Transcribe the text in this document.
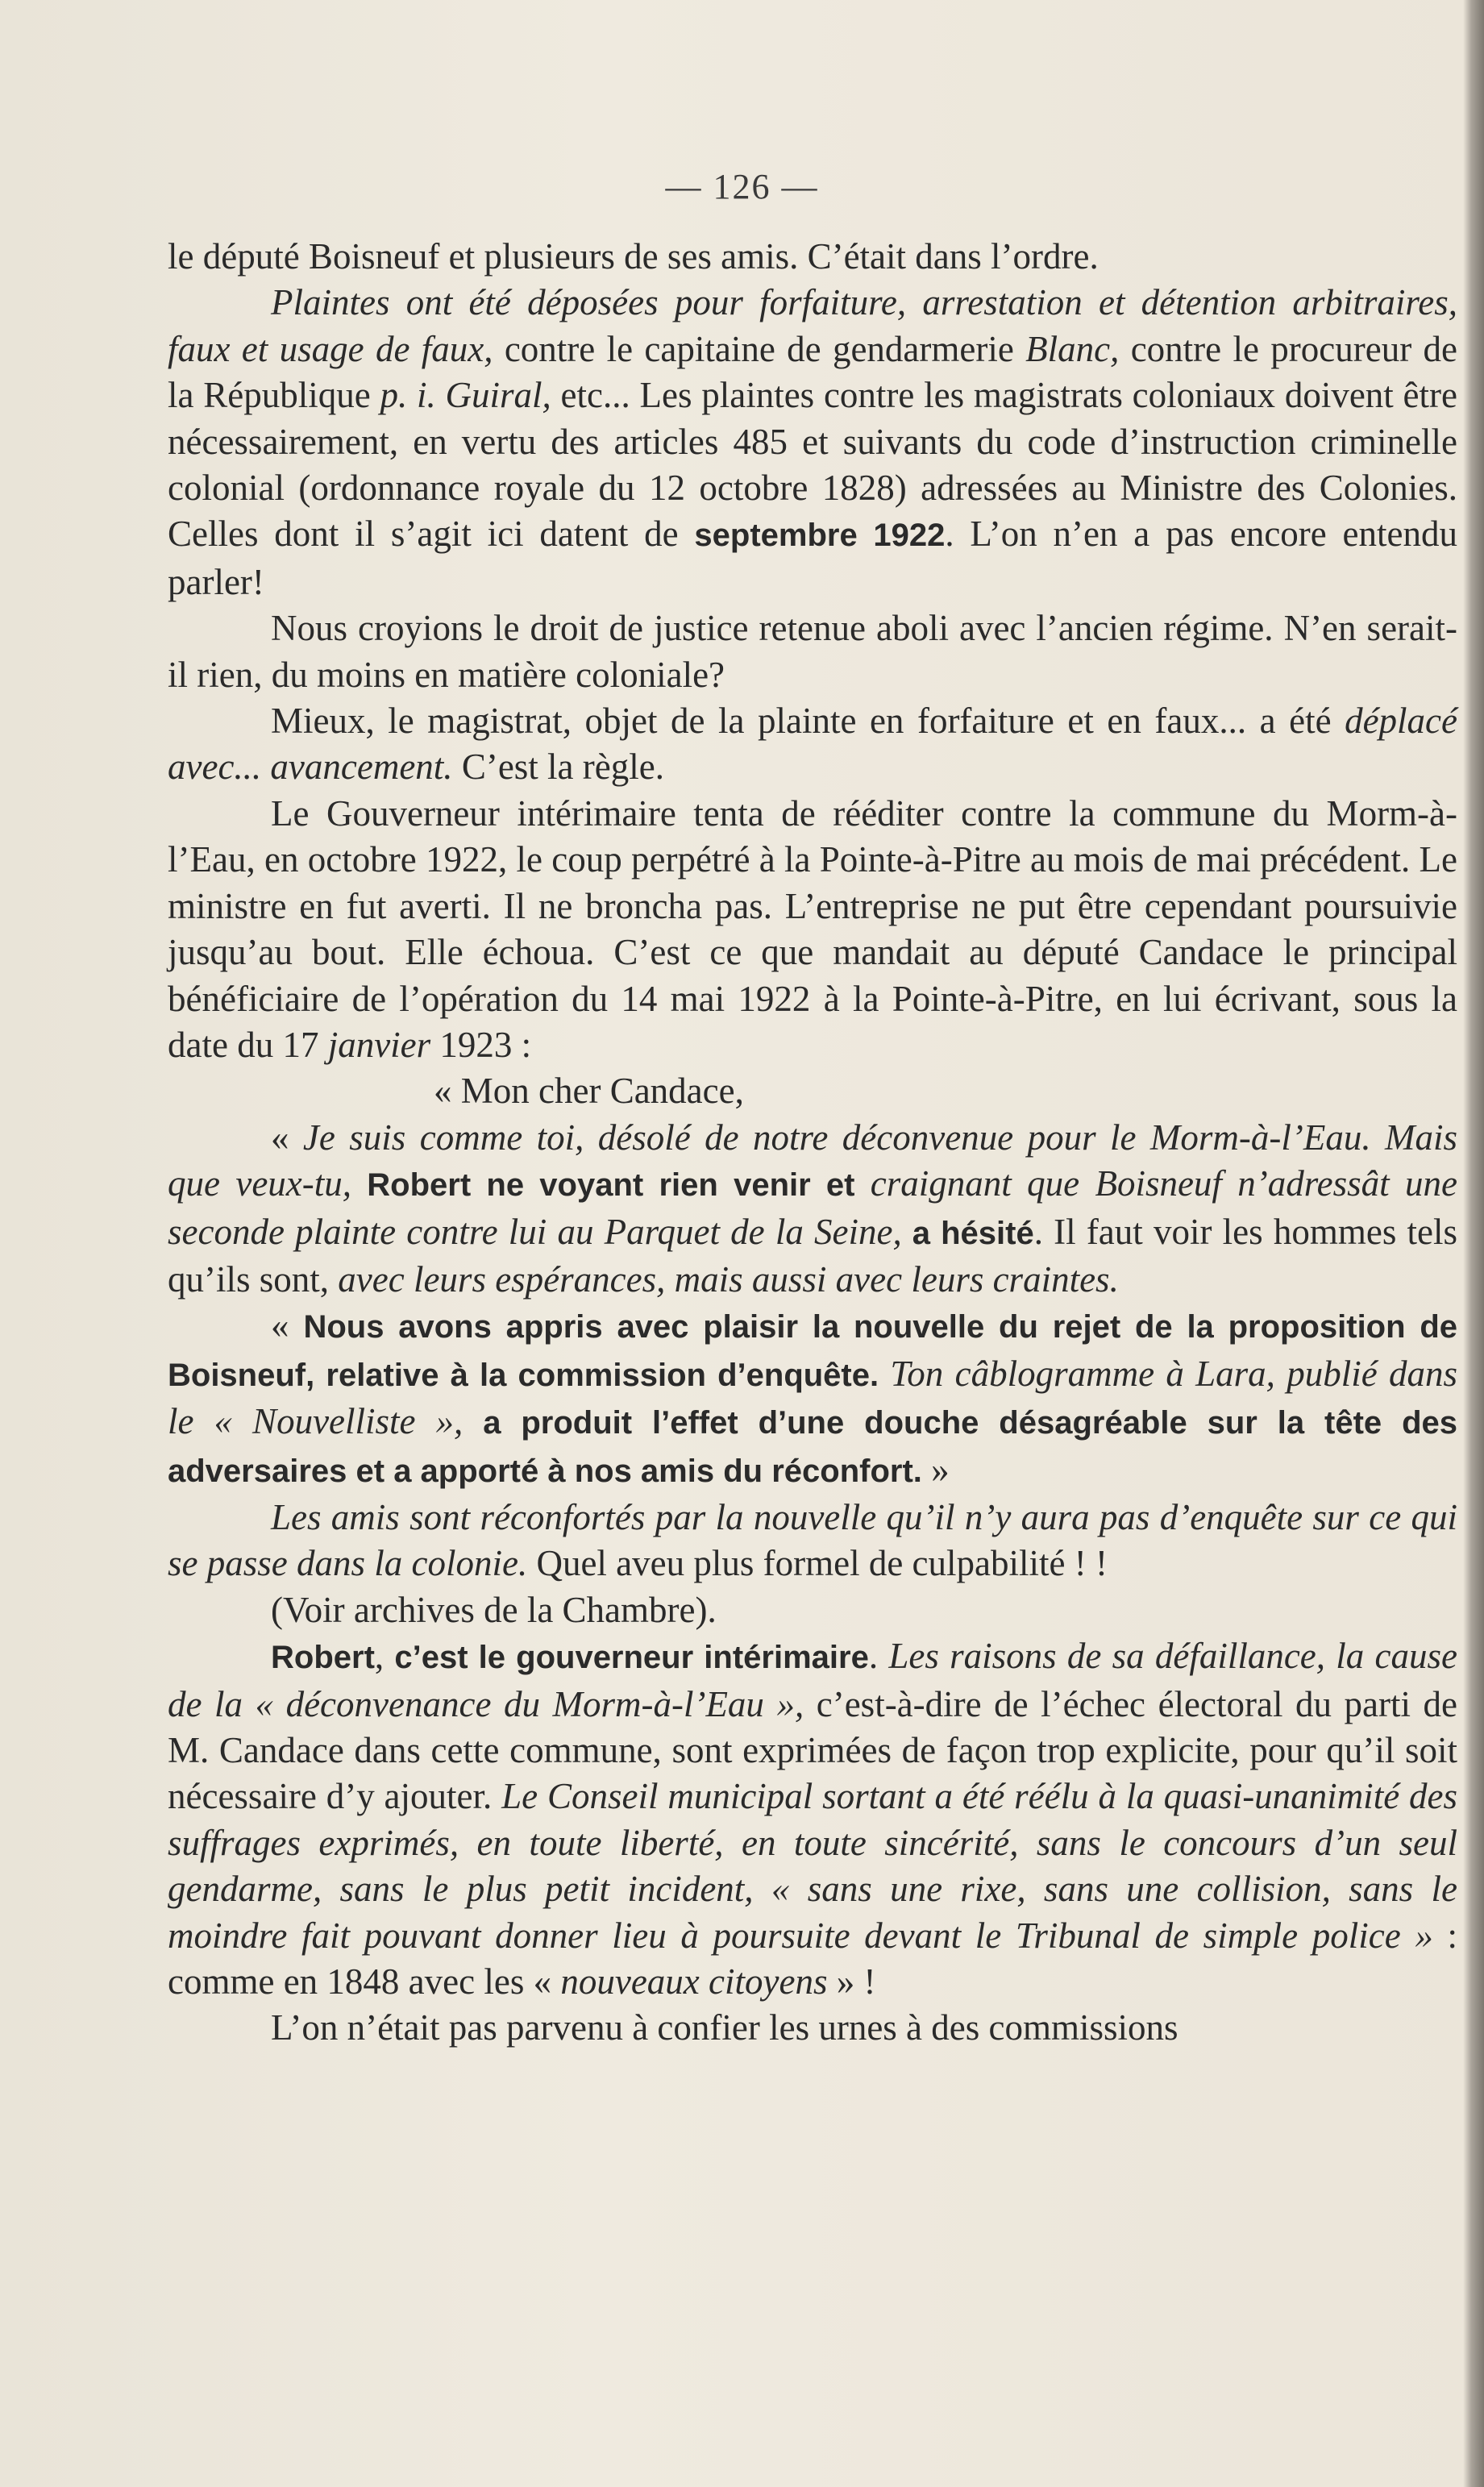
— 126 —

le député Boisneuf et plusieurs de ses amis. C’était dans l’ordre.

Plaintes ont été déposées pour forfaiture, arrestation et détention arbitraires, faux et usage de faux, contre le capitaine de gendarmerie Blanc, contre le procureur de la République p. i. Guiral, etc... Les plaintes contre les magistrats coloniaux doivent être nécessairement, en vertu des articles 485 et suivants du code d’instruction criminelle colonial (ordonnance royale du 12 octobre 1828) adressées au Ministre des Colonies. Celles dont il s’agit ici datent de septembre 1922. L’on n’en a pas encore entendu parler!

Nous croyions le droit de justice retenue aboli avec l’ancien régime. N’en serait-il rien, du moins en matière coloniale?

Mieux, le magistrat, objet de la plainte en forfaiture et en faux... a été déplacé avec... avancement. C’est la règle.

Le Gouverneur intérimaire tenta de rééditer contre la commune du Morm-à-l’Eau, en octobre 1922, le coup perpétré à la Pointe-à-Pitre au mois de mai précédent. Le ministre en fut averti. Il ne broncha pas. L’entreprise ne put être cependant poursuivie jusqu’au bout. Elle échoua. C’est ce que mandait au député Candace le principal bénéficiaire de l’opération du 14 mai 1922 à la Pointe-à-Pitre, en lui écrivant, sous la date du 17 janvier 1923 :

« Mon cher Candace,

« Je suis comme toi, désolé de notre déconvenue pour le Morm-à-l’Eau. Mais que veux-tu, Robert ne voyant rien venir et craignant que Boisneuf n’adressât une seconde plainte contre lui au Parquet de la Seine, a hésité. Il faut voir les hommes tels qu’ils sont, avec leurs espérances, mais aussi avec leurs craintes.

« Nous avons appris avec plaisir la nouvelle du rejet de la proposition de Boisneuf, relative à la commission d’enquête. Ton câblogramme à Lara, publié dans le « Nouvelliste », a produit l’effet d’une douche désagréable sur la tête des adversaires et a apporté à nos amis du réconfort. »

Les amis sont réconfortés par la nouvelle qu’il n’y aura pas d’enquête sur ce qui se passe dans la colonie. Quel aveu plus formel de culpabilité ! !

(Voir archives de la Chambre).

Robert, c’est le gouverneur intérimaire. Les raisons de sa défaillance, la cause de la « déconvenance du Morm-à-l’Eau », c’est-à-dire de l’échec électoral du parti de M. Candace dans cette commune, sont exprimées de façon trop explicite, pour qu’il soit nécessaire d’y ajouter. Le Conseil municipal sortant a été réélu à la quasi-unanimité des suffrages exprimés, en toute liberté, en toute sincérité, sans le concours d’un seul gendarme, sans le plus petit incident, « sans une rixe, sans une collision, sans le moindre fait pouvant donner lieu à poursuite devant le Tribunal de simple police » : comme en 1848 avec les « nouveaux citoyens » !

L’on n’était pas parvenu à confier les urnes à des commissions
